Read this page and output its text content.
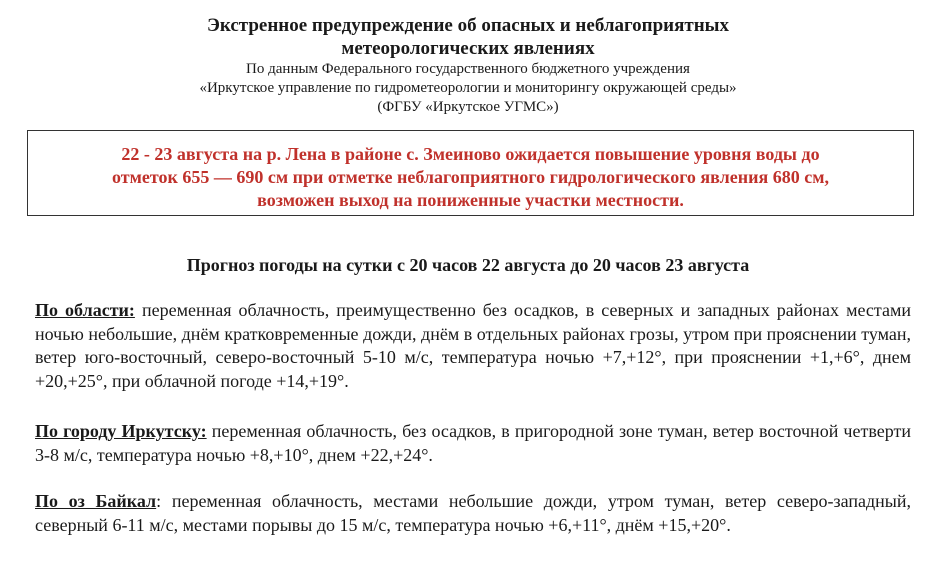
Экстренное предупреждение об опасных и неблагоприятных
метеорологических явлениях
По данным Федерального государственного бюджетного учреждения
«Иркутское управление по гидрометеорологии и мониторингу окружающей среды»
(ФГБУ «Иркутское УГМС»)
22 - 23 августа на р. Лена в районе с. Змеиново ожидается повышение уровня воды до
отметок 655 — 690 см при отметке неблагоприятного гидрологического явления 680 см,
возможен выход на пониженные участки местности.
Прогноз погоды на сутки с 20 часов 22 августа до 20 часов 23 августа
По области: переменная облачность, преимущественно без осадков, в северных и западных районах местами ночью небольшие, днём кратковременные дожди, днём в отдельных районах грозы, утром при прояснении туман, ветер юго-восточный, северо-восточный 5-10 м/с, температура ночью +7,+12°, при прояснении +1,+6°, днем +20,+25°, при облачной погоде +14,+19°.
По городу Иркутску: переменная облачность, без осадков, в пригородной зоне туман, ветер восточной четверти 3-8 м/с, температура ночью +8,+10°, днем +22,+24°.
По оз Байкал: переменная облачность, местами небольшие дожди, утром туман, ветер северо-западный, северный 6-11 м/с, местами порывы до 15 м/с, температура ночью +6,+11°, днём +15,+20°.
